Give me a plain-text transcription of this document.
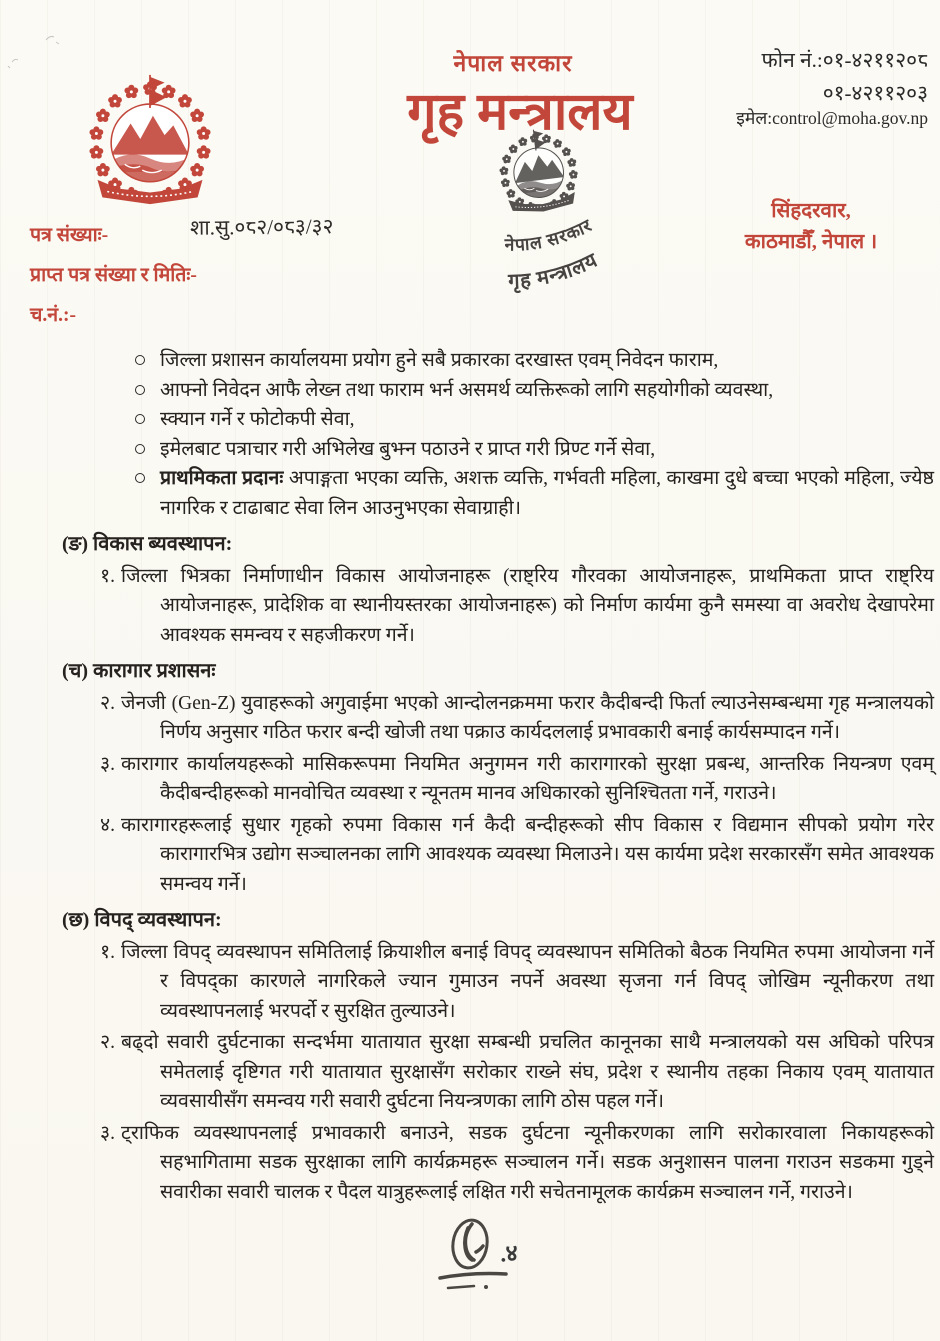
नेपाल सरकार
गृह मन्त्रालय
फोन नं.:०१-४२११२०८
०१-४२११२०३
इमेल:control@moha.gov.np
नेपाल सरकार
गृह मन्त्रालय
पत्र संख्याः-
प्राप्त पत्र संख्या र मितिः-
च.नं.:-
शा.सु.०८२/०८३/३२
सिंहदरवार,
काठमाडौँ, नेपाल ।
जिल्ला प्रशासन कार्यालयमा प्रयोग हुने सबै प्रकारका दरखास्त एवम् निवेदन फाराम,
आफ्नो निवेदन आफै लेख्न तथा फाराम भर्न असमर्थ व्यक्तिरूको लागि सहयोगीको व्यवस्था,
स्क्यान गर्ने र फोटोकपी सेवा,
इमेलबाट पत्राचार गरी अभिलेख बुझ्न पठाउने र प्राप्त गरी प्रिण्ट गर्ने सेवा,
प्राथमिकता प्रदानः अपाङ्गता भएका व्यक्ति, अशक्त व्यक्ति, गर्भवती महिला, काखमा दुधे बच्चा भएको महिला, ज्येष्ठ नागरिक र टाढाबाट सेवा लिन आउनुभएका सेवाग्राही।
(ङ) विकास ब्यवस्थापन:

१. जिल्ला भित्रका निर्माणाधीन विकास आयोजनाहरू (राष्ट्रिय गौरवका आयोजनाहरू, प्राथमिकता प्राप्त राष्ट्रिय आयोजनाहरू, प्रादेशिक वा स्थानीयस्तरका आयोजनाहरू) को निर्माण कार्यमा कुनै समस्या वा अवरोध देखापरेमा आवश्यक समन्वय र सहजीकरण गर्ने।

(च) कारागार प्रशासनः

२. जेनजी (Gen-Z) युवाहरूको अगुवाईमा भएको आन्दोलनक्रममा फरार कैदीबन्दी फिर्ता ल्याउनेसम्बन्धमा गृह मन्त्रालयको निर्णय अनुसार गठित फरार बन्दी खोजी तथा पक्राउ कार्यदललाई प्रभावकारी बनाई कार्यसम्पादन गर्ने।

३. कारागार कार्यालयहरूको मासिकरूपमा नियमित अनुगमन गरी कारागारको सुरक्षा प्रबन्ध, आन्तरिक नियन्त्रण एवम् कैदीबन्दीहरूको मानवोचित व्यवस्था र न्यूनतम मानव अधिकारको सुनिश्चितता गर्ने, गराउने।

४. कारागारहरूलाई सुधार गृहको रुपमा विकास गर्न कैदी बन्दीहरूको सीप विकास र विद्यमान सीपको प्रयोग गरेर कारागारभित्र उद्योग सञ्चालनका लागि आवश्यक व्यवस्था मिलाउने। यस कार्यमा प्रदेश सरकारसँग समेत आवश्यक समन्वय गर्ने।

(छ) विपद् व्यवस्थापन:

१. जिल्ला विपद् व्यवस्थापन समितिलाई क्रियाशील बनाई विपद् व्यवस्थापन समितिको बैठक नियमित रुपमा आयोजना गर्ने र विपद्का कारणले नागरिकले ज्यान गुमाउन नपर्ने अवस्था सृजना गर्न विपद् जोखिम न्यूनीकरण तथा व्यवस्थापनलाई भरपर्दो र सुरक्षित तुल्याउने।

२. बढ्दो सवारी दुर्घटनाका सन्दर्भमा यातायात सुरक्षा सम्बन्धी प्रचलित कानूनका साथै मन्त्रालयको यस अघिको परिपत्र समेतलाई दृष्टिगत गरी यातायात सुरक्षासँग सरोकार राख्ने संघ, प्रदेश र स्थानीय तहका निकाय एवम् यातायात व्यवसायीसँग समन्वय गरी सवारी दुर्घटना नियन्त्रणका लागि ठोस पहल गर्ने।

३. ट्राफिक व्यवस्थापनलाई प्रभावकारी बनाउने, सडक दुर्घटना न्यूनीकरणका लागि सरोकारवाला निकायहरूको सहभागितामा सडक सुरक्षाका लागि कार्यक्रमहरू सञ्चालन गर्ने। सडक अनुशासन पालना गराउन सडकमा गुड्ने सवारीका सवारी चालक र पैदल यात्रुहरूलाई लक्षित गरी सचेतनामूलक कार्यक्रम सञ्चालन गर्ने, गराउने।

.४
